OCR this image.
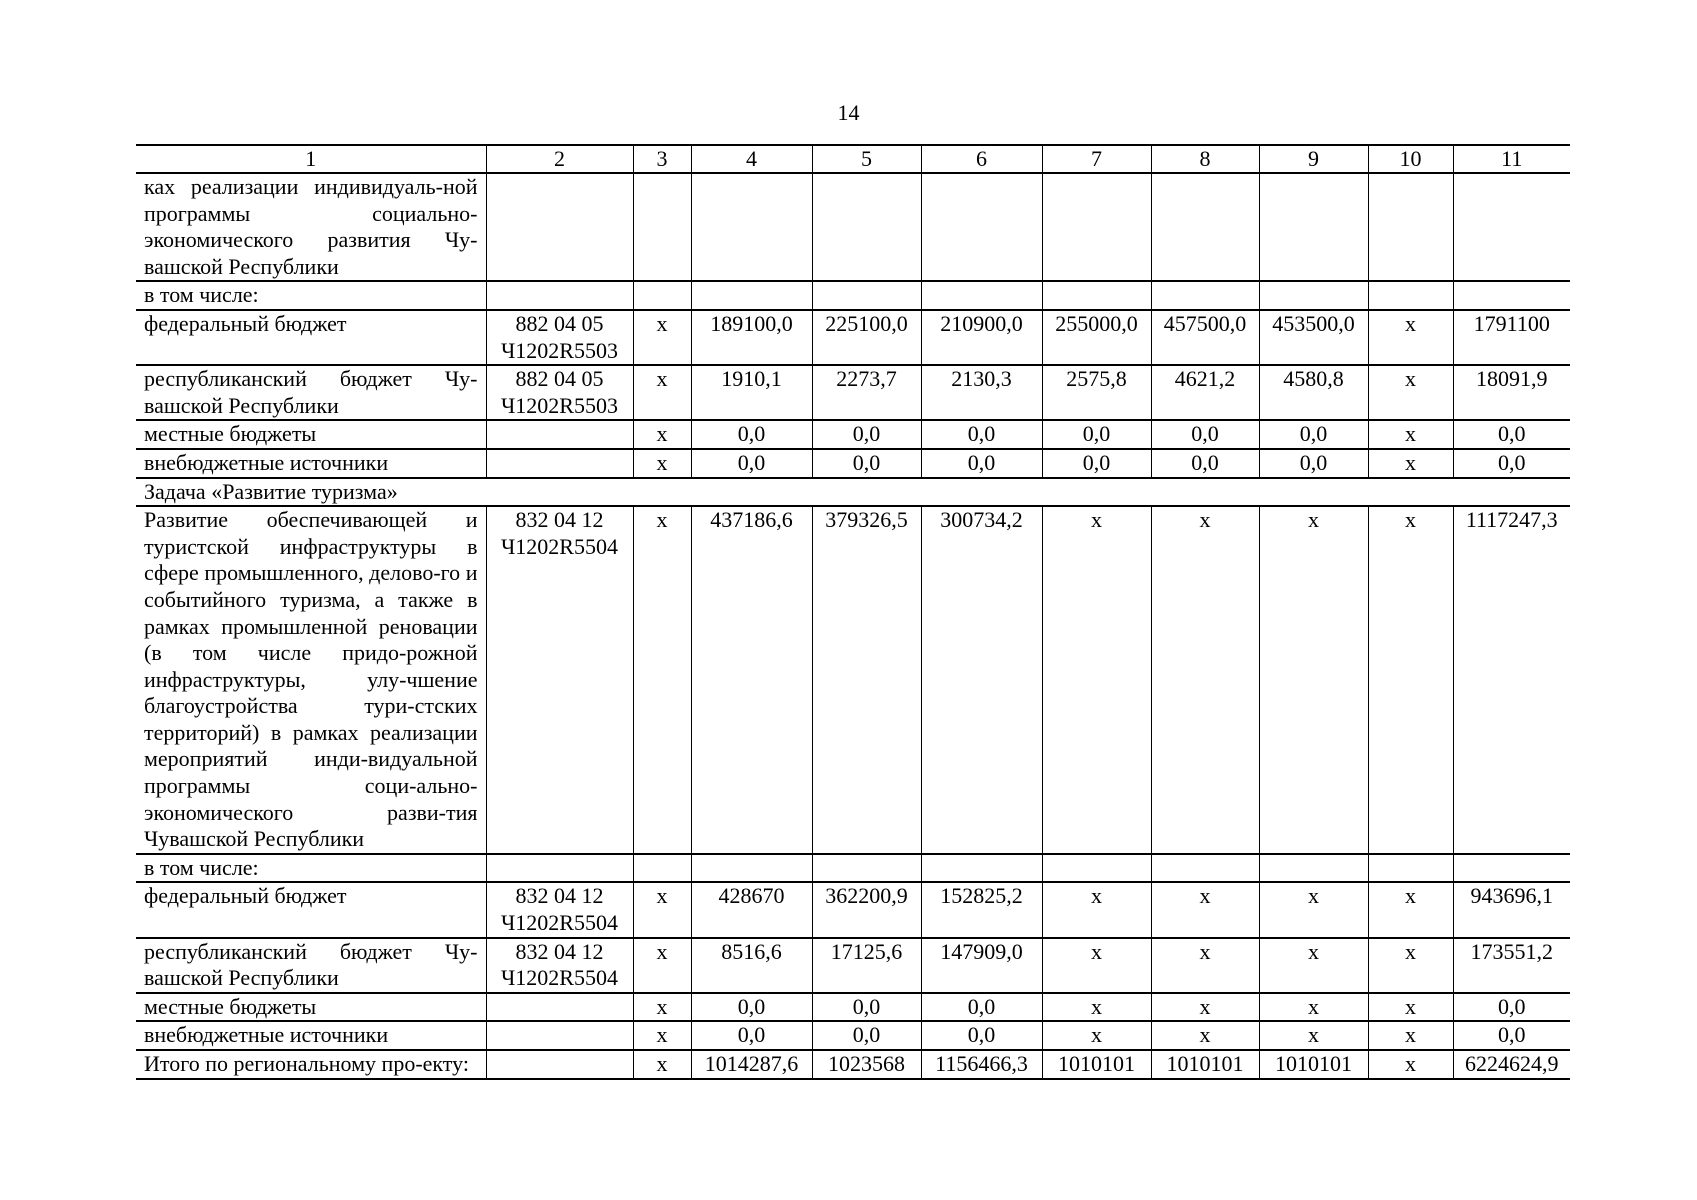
14
1	2	3	4	5	6	7	8	9	10	11
ках реализации индивидуаль-ной программы социально-экономического развития Чу-вашской Республики										
в том числе:										
федеральный бюджет	882 04 05 Ч1202R5503	x	189100,0	225100,0	210900,0	255000,0	457500,0	453500,0	x	1791100
республиканский бюджет Чу-вашской Республики	882 04 05 Ч1202R5503	x	1910,1	2273,7	2130,3	2575,8	4621,2	4580,8	x	18091,9
местные бюджеты		x	0,0	0,0	0,0	0,0	0,0	0,0	x	0,0
внебюджетные источники		x	0,0	0,0	0,0	0,0	0,0	0,0	x	0,0
Задача «Развитие туризма»										
Развитие обеспечивающей и туристской инфраструктуры в сфере промышленного, делово-го и событийного туризма, а также в рамках промышленной реновации (в том числе придо-рожной инфраструктуры, улу-чшение благоустройства тури-стских территорий) в рамках реализации мероприятий инди-видуальной программы соци-ально-экономического разви-тия Чувашской Республики	832 04 12 Ч1202R5504	x	437186,6	379326,5	300734,2	x	x	x	x	1117247,3
в том числе:										
федеральный бюджет	832 04 12 Ч1202R5504	x	428670	362200,9	152825,2	x	x	x	x	943696,1
республиканский бюджет Чу-вашской Республики	832 04 12 Ч1202R5504	x	8516,6	17125,6	147909,0	x	x	x	x	173551,2
местные бюджеты		x	0,0	0,0	0,0	x	x	x	x	0,0
внебюджетные источники		x	0,0	0,0	0,0	x	x	x	x	0,0
Итого по региональному про-екту:		x	1014287,6	1023568	1156466,3	1010101	1010101	1010101	x	6224624,9
